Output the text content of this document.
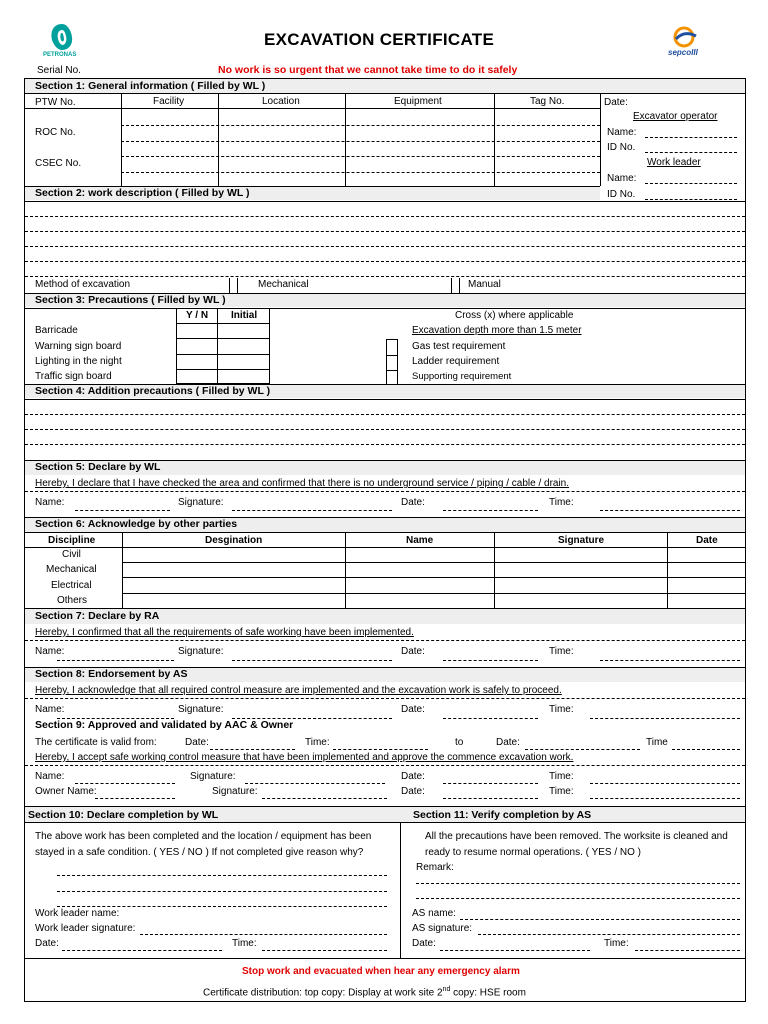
PETRONAS
EXCAVATION CERTIFICATE
sepcoIII
Serial No.	No work is so urgent that we cannot take time to do it safely
Section 1: General information ( Filled by WL )
PTW No.	Facility	Location	Equipment	Tag No.	Date:
ROC No.
CSEC No.
Excavator operator
Name:
ID No.
Work leader
Name:
ID No.
Section 2: work description ( Filled by WL )
Method of excavation	Mechanical	Manual
Section 3: Precautions ( Filled by WL )
Y / N Initial
Barricade
Warning sign board
Lighting in the night
Traffic sign board
Cross (x) where applicable
Excavation depth more than 1.5 meter
Gas test requirement
Ladder requirement
Supporting requirement
Section 4: Addition precautions ( Filled by WL )
Section 5: Declare by WL
Hereby, I declare that I have checked the area and confirmed that there is no underground service / piping / cable / drain.
Name:	Signature:	Date:	Time:
Section 6: Acknowledge by other parties
Discipline	Desgination	Name	Signature	Date
Civil
Mechanical
Electrical
Others
Section 7: Declare by RA
Hereby, I confirmed that all the requirements of safe working have been implemented.
Name:	Signature:	Date:	Time:
Section 8: Endorsement by AS
Hereby, I acknowledge that all required control measure are implemented and the excavation work is safely to proceed.
Name:	Signature:	Date:	Time:
Section 9: Approved and validated by AAC & Owner
The certificate is valid from:	Date:	Time:	to	Date:	Time
Hereby, I accept safe working control measure that have been implemented and approve the commence excavation work.
Name:	Signature:	Date:	Time:
Owner Name:	Signature:	Date:	Time:
Section 10: Declare completion by WL	Section 11: Verify completion by AS
The above work has been completed and the location / equipment has been
stayed in a safe condition. ( YES / NO ) If not completed give reason why?
Work leader name:
Work leader signature:
Date:	Time:
All the precautions have been removed. The worksite is cleaned and
ready to resume normal operations. ( YES / NO )
Remark:
AS name:
AS signature:
Date:	Time:
Stop work and evacuated when hear any emergency alarm
Certificate distribution: top copy: Display at work site 2nd copy: HSE room
